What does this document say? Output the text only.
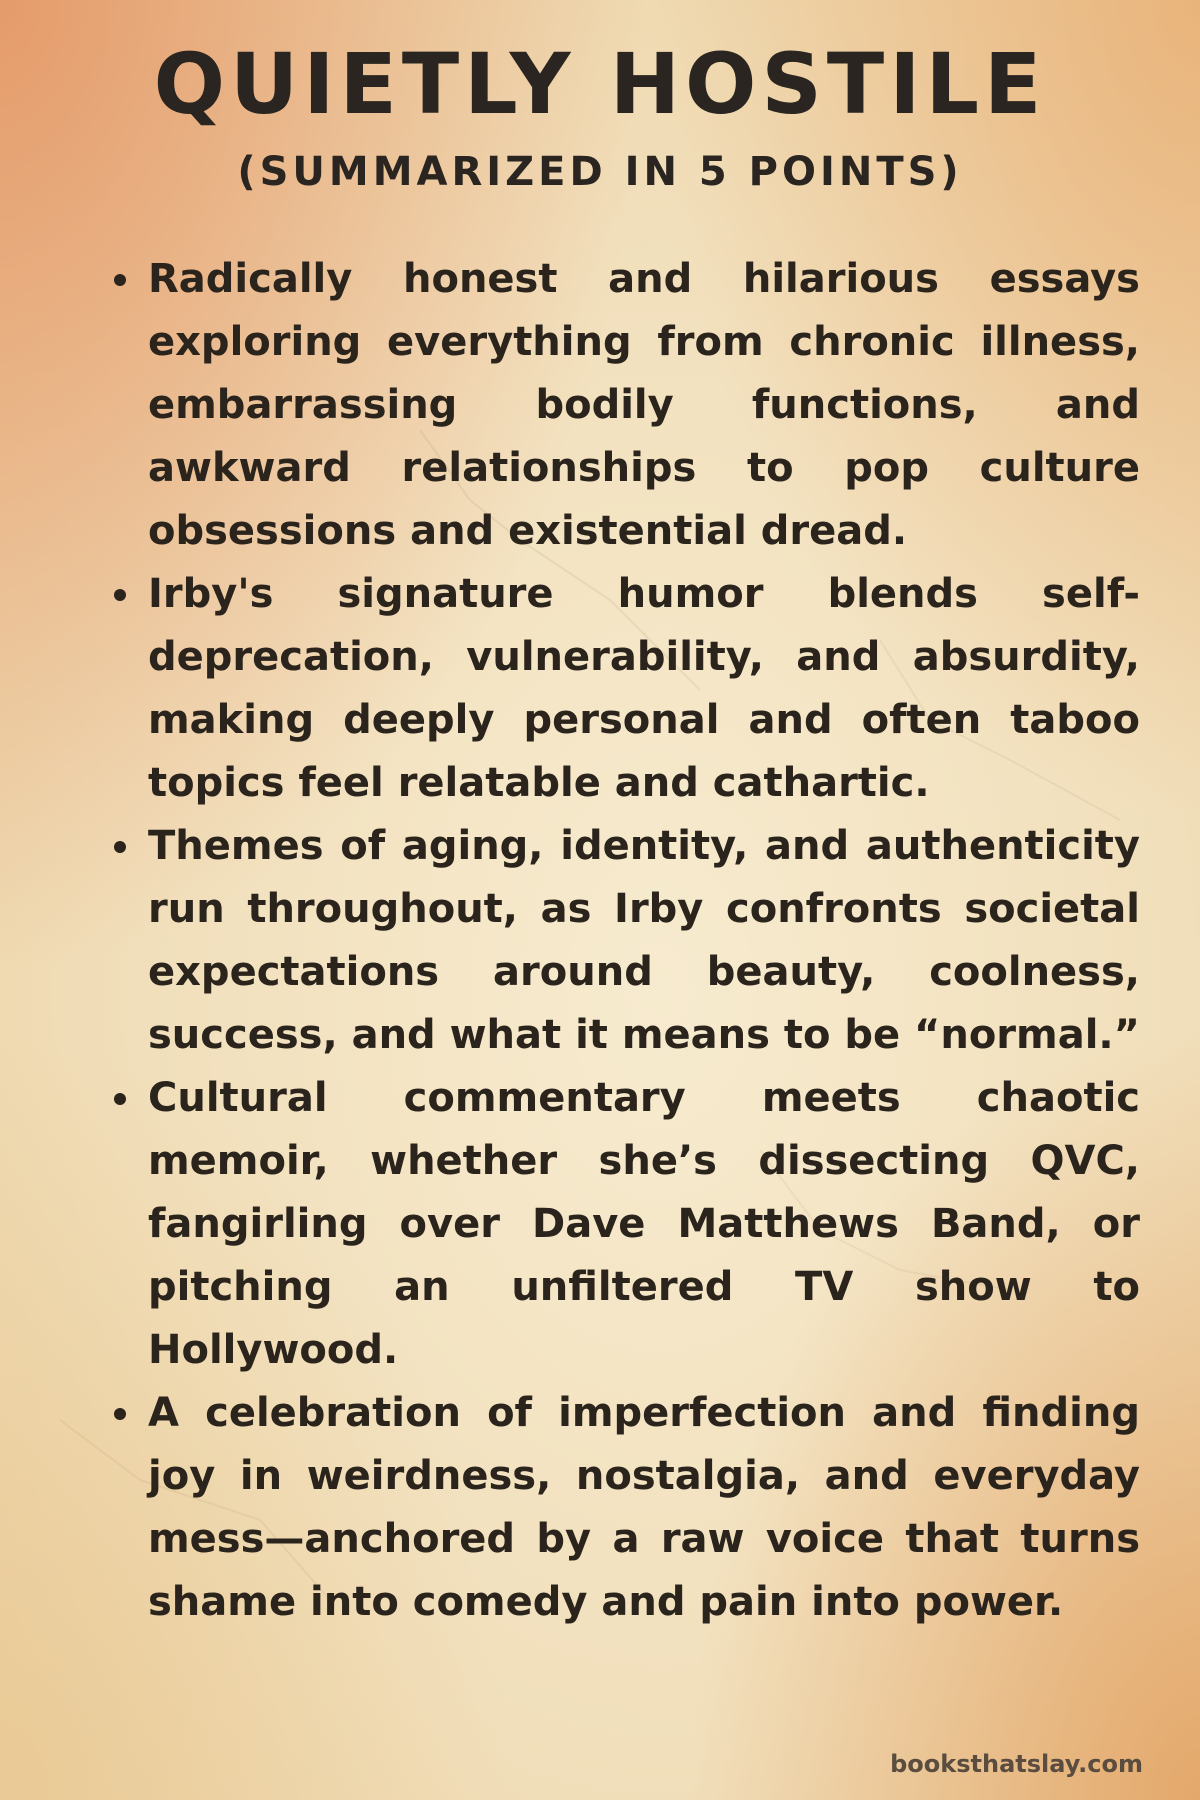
QUIETLY HOSTILE
(SUMMARIZED IN 5 POINTS)
Radically honest and hilarious essays exploring everything from chronic illness, embarrassing bodily functions, and awkward relationships to pop culture obsessions and existential dread.
Irby's signature humor blends self-deprecation, vulnerability, and absurdity, making deeply personal and often taboo topics feel relatable and cathartic.
Themes of aging, identity, and authenticity run throughout, as Irby confronts societal expectations around beauty, coolness, success, and what it means to be “normal.”
Cultural commentary meets chaotic memoir, whether she’s dissecting QVC, fangirling over Dave Matthews Band, or pitching an unfiltered TV show to Hollywood.
A celebration of imperfection and finding joy in weirdness, nostalgia, and everyday mess—anchored by a raw voice that turns shame into comedy and pain into power.
booksthatslay.com
